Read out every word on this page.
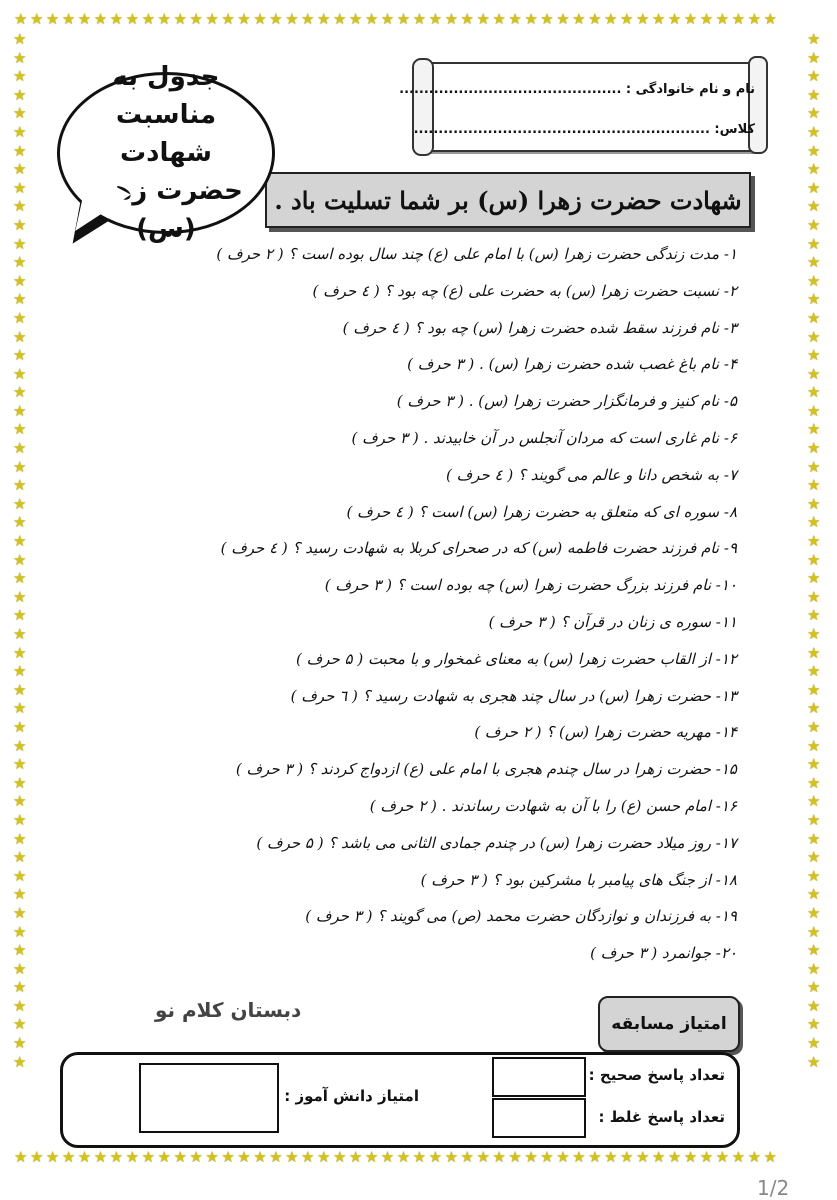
★★★★★★★★★★★★★★★★★★★★★★★★★★★★★★★★★★★★★★★★★★★★★★★★
★★★★★★★★★★★★★★★★★★★★★★★★★★★★★★★★★★★★★★★★★★★★★★★★
★★★★★★★★★★★★★★★★★★★★★★★★★★★★★★★★★★★★★★★★★★★★★★★★★★★★★★★★
★★★★★★★★★★★★★★★★★★★★★★★★★★★★★★★★★★★★★★★★★★★★★★★★★★★★★★★★
جدول به مناسبت شهادت حضرت زهرا (س)
نام و نام خانوادگی : .............................................
کلاس: ............................................................
شهادت حضرت زهرا (س) بر شما تسلیت باد .
۱- مدت زندگی حضرت زهرا (س) با امام علی (ع) چند سال بوده است ؟ ( ۲ حرف )
۲- نسبت حضرت زهرا (س) به حضرت علی (ع) چه بود ؟ ( ٤ حرف )
۳- نام فرزند سقط شده حضرت زهرا (س) چه بود ؟ ( ٤ حرف )
۴- نام باغ غصب شده حضرت زهرا (س) . ( ۳ حرف )
۵- نام کنیز و فرمانگزار حضرت زهرا (س) . ( ۳ حرف )
۶- نام غاری است که مردان آنجلس در آن خابیدند . ( ۳ حرف )
۷- به شخص دانا و عالم می گویند ؟ ( ٤ حرف )
۸- سوره ای که متعلق به حضرت زهرا (س) است ؟ ( ٤ حرف )
۹- نام فرزند حضرت فاطمه (س) که در صحرای کربلا به شهادت رسید ؟ ( ٤ حرف )
۱۰- نام فرزند بزرگ حضرت زهرا (س) چه بوده است ؟ ( ۳ حرف )
۱۱- سوره ی زنان در قرآن ؟ ( ۳ حرف )
۱۲- از القاب حضرت زهرا (س) به معنای غمخوار و با محبت ( ۵ حرف )
۱۳- حضرت زهرا (س) در سال چند هجری به شهادت رسید ؟ ( ٦ حرف )
۱۴- مهریه حضرت زهرا (س) ؟ ( ۲ حرف )
۱۵- حضرت زهرا در سال چندم هجری با امام علی (ع) ازدواج کردند ؟ ( ۳ حرف )
۱۶- امام حسن (ع) را با آن به شهادت رساندند . ( ۲ حرف )
۱۷- روز میلاد حضرت زهرا (س) در چندم جمادی الثانی می باشد ؟ ( ۵ حرف )
۱۸- از جنگ های پیامبر با مشرکین بود ؟ ( ۳ حرف )
۱۹- به فرزندان و نوازدگان حضرت محمد (ص) می گویند ؟ ( ۳ حرف )
۲۰- جوانمرد ( ۳ حرف )
دبستان کلام نو
امتیاز مسابقه
تعداد پاسخ صحیح :
تعداد پاسخ غلط :
امتیاز دانش آموز :
1/2
